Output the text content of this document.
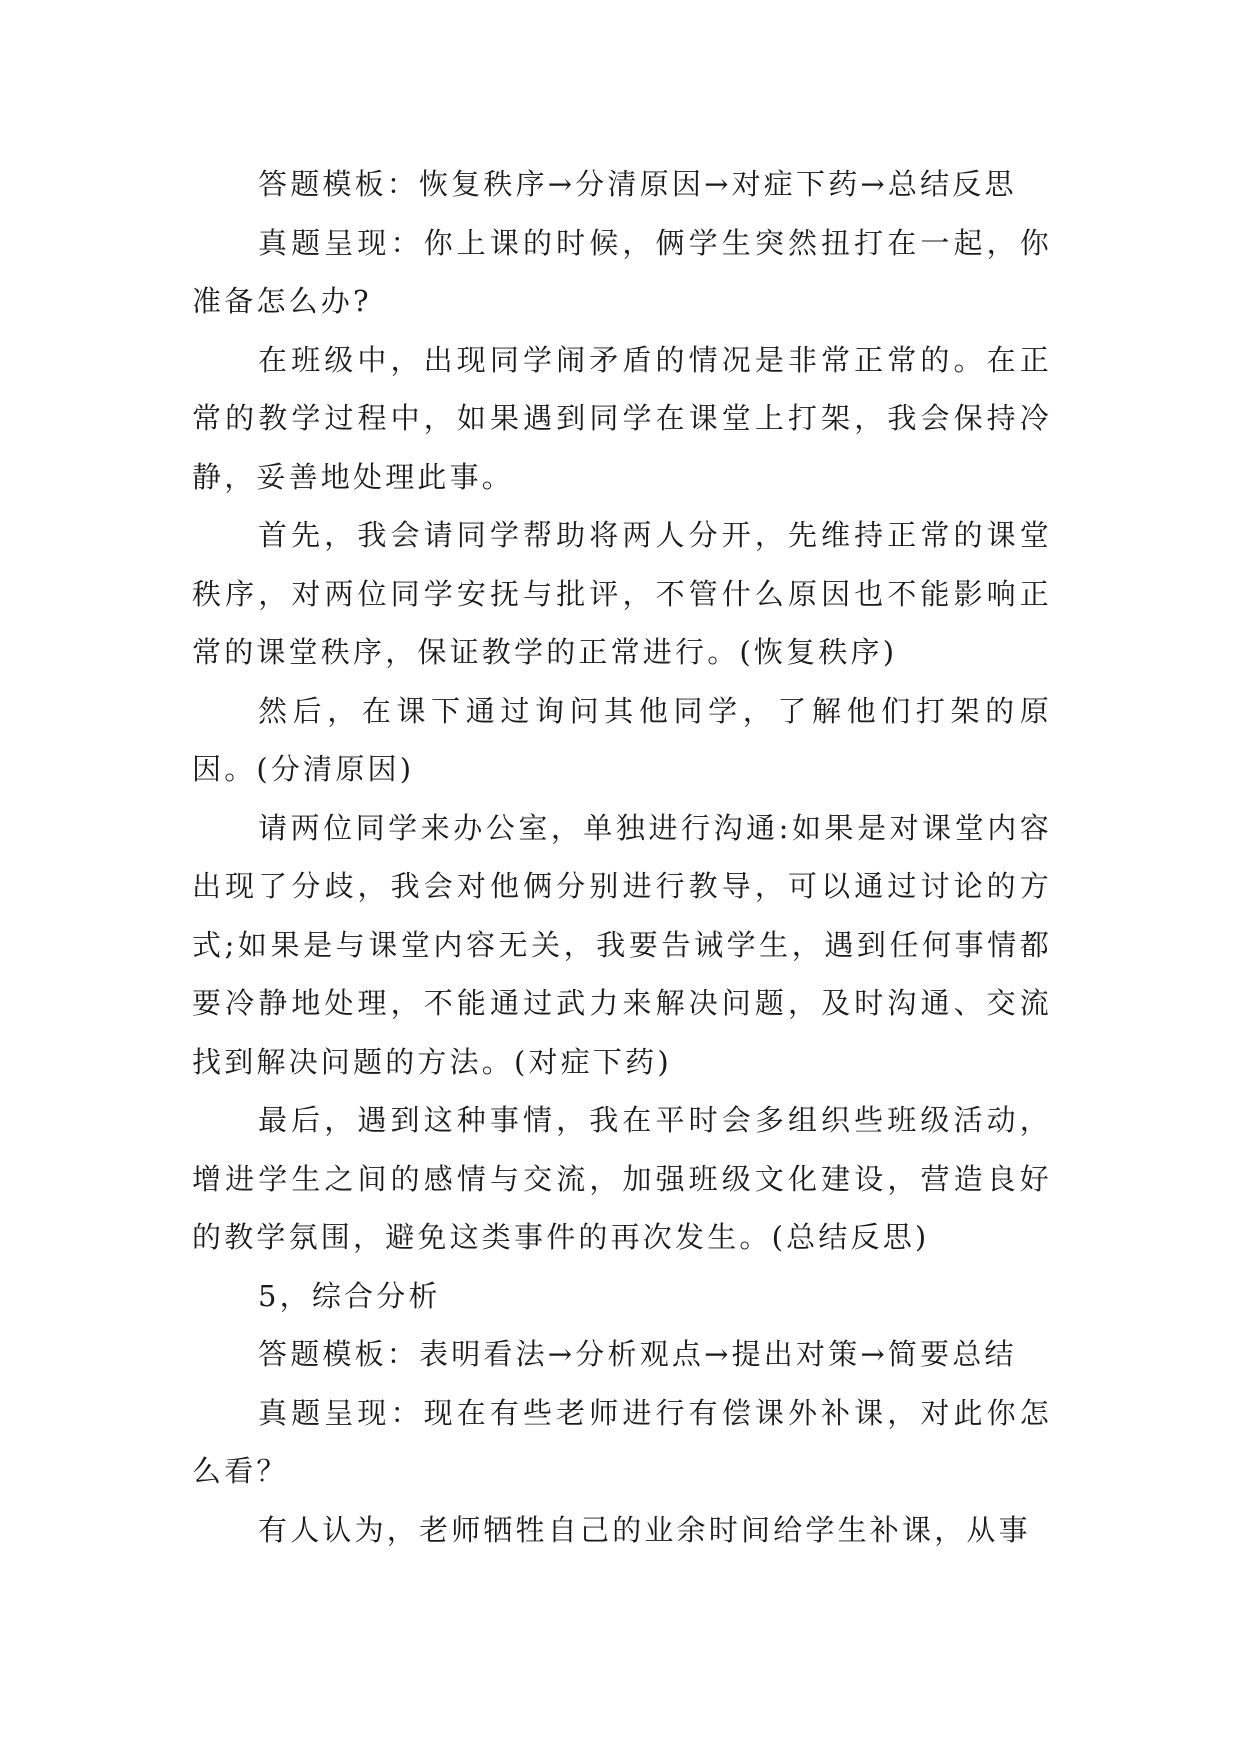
答题模板：恢复秩序→分清原因→对症下药→总结反思

真题呈现：你上课的时候，俩学生突然扭打在一起，你准备怎么办?

在班级中，出现同学闹矛盾的情况是非常正常的。在正常的教学过程中，如果遇到同学在课堂上打架，我会保持冷静，妥善地处理此事。

首先，我会请同学帮助将两人分开，先维持正常的课堂秩序，对两位同学安抚与批评，不管什么原因也不能影响正常的课堂秩序，保证教学的正常进行。(恢复秩序)

然后，在课下通过询问其他同学，了解他们打架的原因。(分清原因)

请两位同学来办公室，单独进行沟通:如果是对课堂内容出现了分歧，我会对他俩分别进行教导，可以通过讨论的方式;如果是与课堂内容无关，我要告诫学生，遇到任何事情都要冷静地处理，不能通过武力来解决问题，及时沟通、交流找到解决问题的方法。(对症下药)

最后，遇到这种事情，我在平时会多组织些班级活动，增进学生之间的感情与交流，加强班级文化建设，营造良好的教学氛围，避免这类事件的再次发生。(总结反思)

5，综合分析

答题模板：表明看法→分析观点→提出对策→简要总结

真题呈现：现在有些老师进行有偿课外补课，对此你怎么看？

有人认为，老师牺牲自己的业余时间给学生补课，从事
